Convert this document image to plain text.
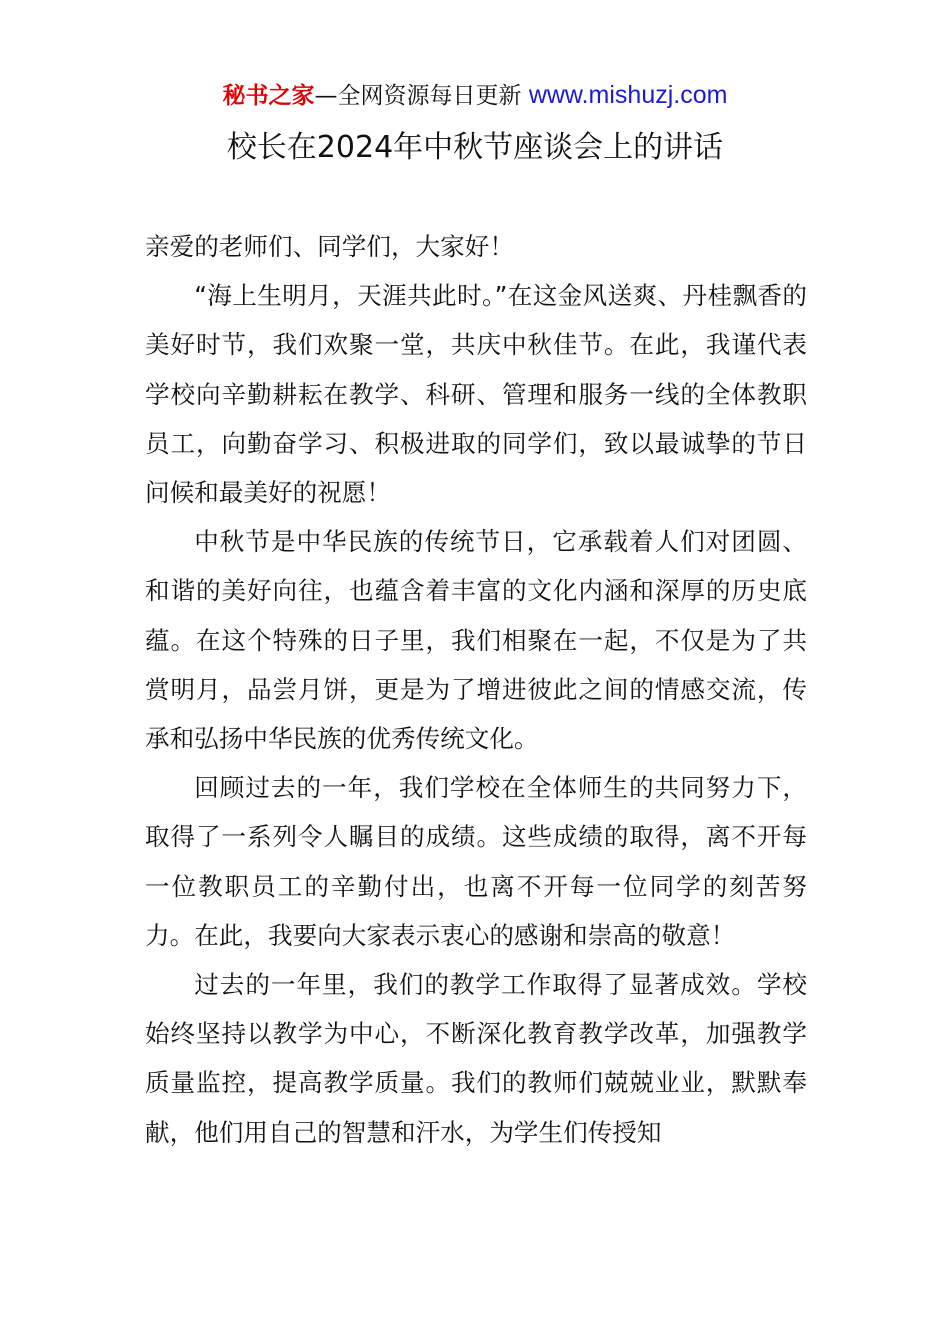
秘书之家—全网资源每日更新 www.mishuzj.com
校长在2024年中秋节座谈会上的讲话

亲爱的老师们、同学们，大家好！

“海上生明月，天涯共此时。”在这金风送爽、丹桂飘香的美好时节，我们欢聚一堂，共庆中秋佳节。在此，我谨代表学校向辛勤耕耘在教学、科研、管理和服务一线的全体教职员工，向勤奋学习、积极进取的同学们，致以最诚挚的节日问候和最美好的祝愿！

中秋节是中华民族的传统节日，它承载着人们对团圆、和谐的美好向往，也蕴含着丰富的文化内涵和深厚的历史底蕴。在这个特殊的日子里，我们相聚在一起，不仅是为了共赏明月，品尝月饼，更是为了增进彼此之间的情感交流，传承和弘扬中华民族的优秀传统文化。

回顾过去的一年，我们学校在全体师生的共同努力下，取得了一系列令人瞩目的成绩。这些成绩的取得，离不开每一位教职员工的辛勤付出，也离不开每一位同学的刻苦努力。在此，我要向大家表示衷心的感谢和崇高的敬意！

过去的一年里，我们的教学工作取得了显著成效。学校始终坚持以教学为中心，不断深化教育教学改革，加强教学质量监控，提高教学质量。我们的教师们兢兢业业，默默奉献，他们用自己的智慧和汗水，为学生们传授知
